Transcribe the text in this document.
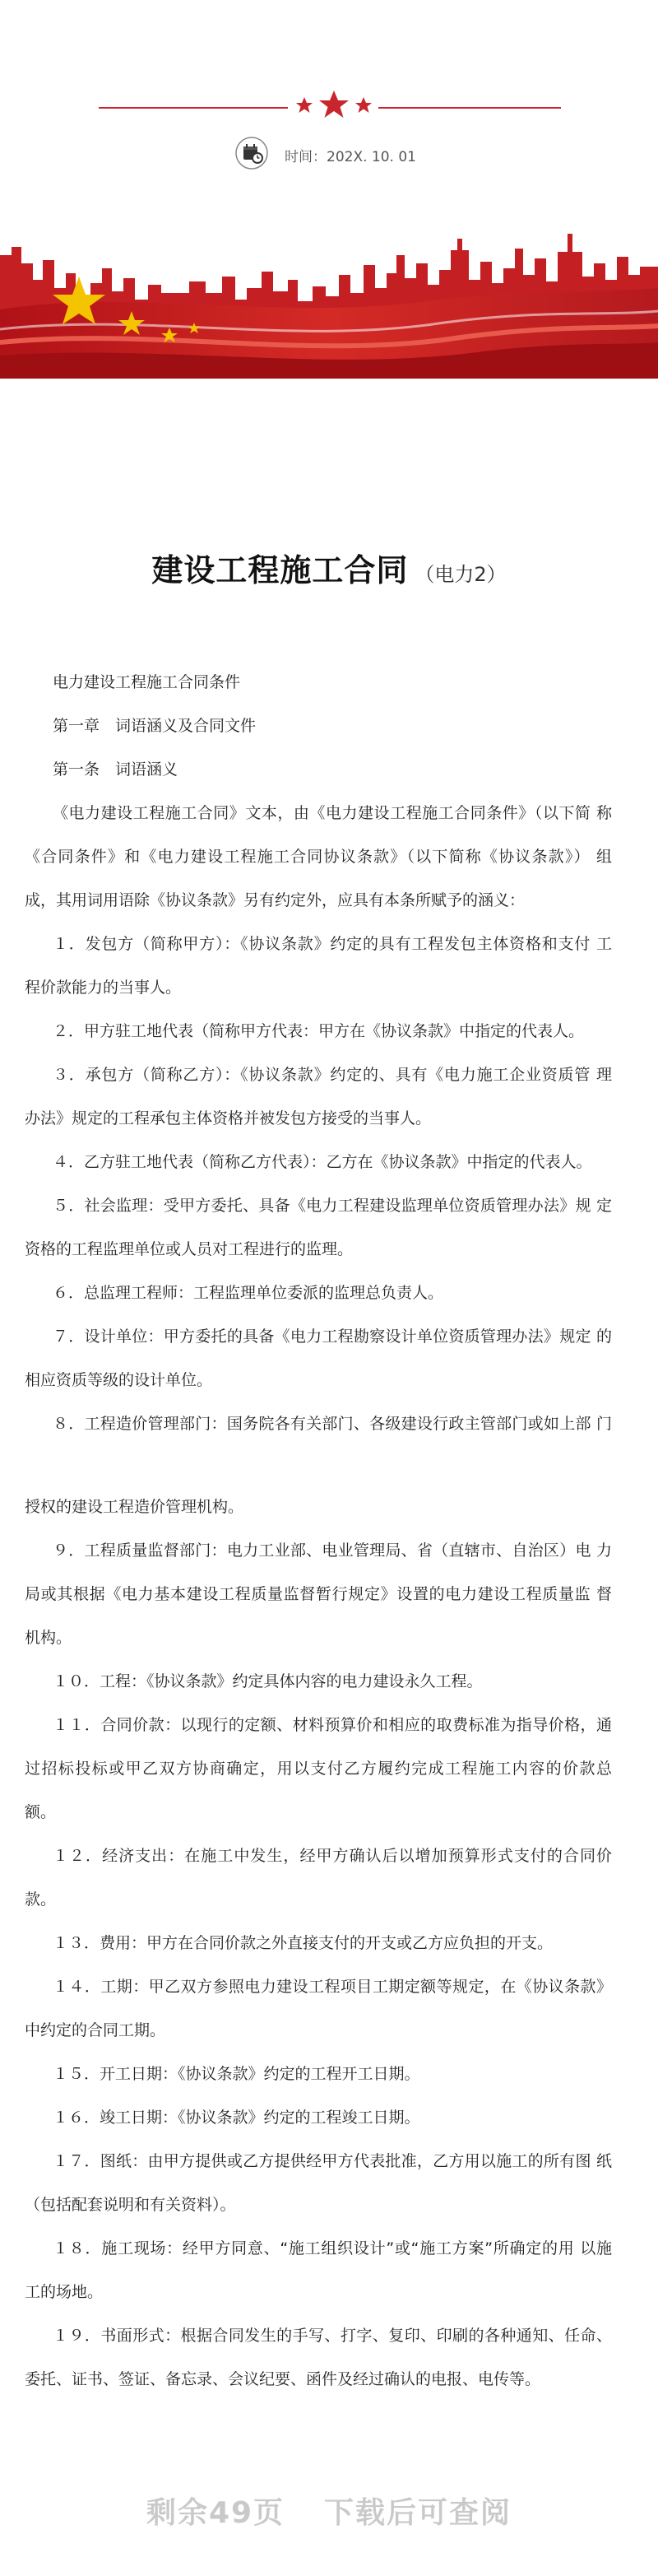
时间：202X. 10. 01
建设工程施工合同 （电力2）
电力建设工程施工合同条件
第一章　词语涵义及合同文件
第一条　词语涵义
《电力建设工程施工合同》文本，由《电力建设工程施工合同条件》（以下简 称
《合同条件》和《电力建设工程施工合同协议条款》（以下简称《协议条款》） 组
成，其用词用语除《协议条款》另有约定外，应具有本条所赋予的涵义：
１．发包方（简称甲方）：《协议条款》约定的具有工程发包主体资格和支付 工
程价款能力的当事人。
２．甲方驻工地代表（简称甲方代表：甲方在《协议条款》中指定的代表人。
３．承包方（简称乙方）：《协议条款》约定的、具有《电力施工企业资质管 理
办法》规定的工程承包主体资格并被发包方接受的当事人。
４．乙方驻工地代表（简称乙方代表）：乙方在《协议条款》中指定的代表人。
５．社会监理：受甲方委托、具备《电力工程建设监理单位资质管理办法》规 定
资格的工程监理单位或人员对工程进行的监理。
６．总监理工程师：工程监理单位委派的监理总负责人。
７．设计单位：甲方委托的具备《电力工程勘察设计单位资质管理办法》规定 的
相应资质等级的设计单位。
８．工程造价管理部门：国务院各有关部门、各级建设行政主管部门或如上部 门
授权的建设工程造价管理机构。
９．工程质量监督部门：电力工业部、电业管理局、省（直辖市、自治区）电 力
局或其根据《电力基本建设工程质量监督暂行规定》设置的电力建设工程质量监 督
机构。
１０．工程：《协议条款》约定具体内容的电力建设永久工程。
１１．合同价款：以现行的定额、材料预算价和相应的取费标准为指导价格，通
过招标投标或甲乙双方协商确定，用以支付乙方履约完成工程施工内容的价款总
额。
１２．经济支出：在施工中发生，经甲方确认后以增加预算形式支付的合同价
款。
１３．费用：甲方在合同价款之外直接支付的开支或乙方应负担的开支。
１４．工期：甲乙双方参照电力建设工程项目工期定额等规定，在《协议条款》
中约定的合同工期。
１５．开工日期：《协议条款》约定的工程开工日期。
１６．竣工日期：《协议条款》约定的工程竣工日期。
１７．图纸：由甲方提供或乙方提供经甲方代表批准，乙方用以施工的所有图 纸
（包括配套说明和有关资料）。
１８．施工现场：经甲方同意、“施工组织设计”或“施工方案”所确定的用 以施
工的场地。
１９．书面形式：根据合同发生的手写、打字、复印、印刷的各种通知、任命、
委托、证书、签证、备忘录、会议纪要、函件及经过确认的电报、电传等。
剩余49页 下载后可查阅
